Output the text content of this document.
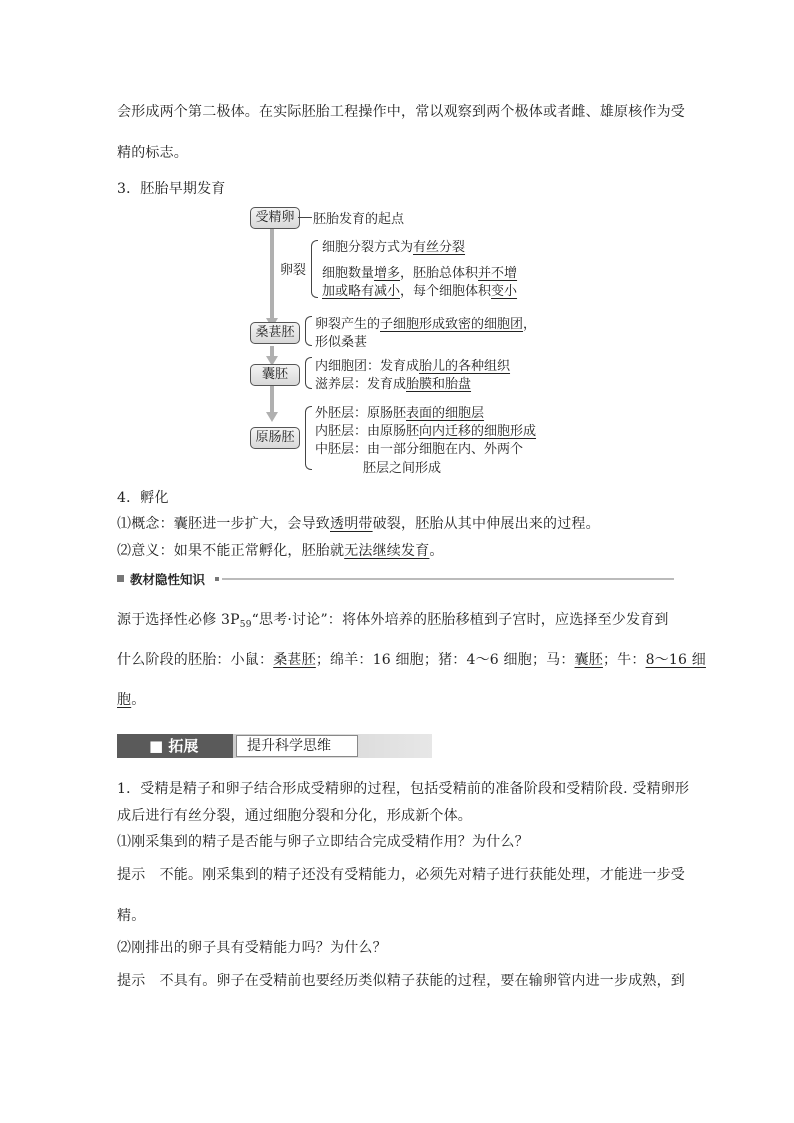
会形成两个第二极体。在实际胚胎工程操作中，常以观察到两个极体或者雌、雄原核作为受
精的标志。
3．胚胎早期发育
受精卵	胚胎发育的起点
卵裂
细胞分裂方式为有丝分裂
细胞数量增多，胚胎总体积并不增
加或略有减小，每个细胞体积变小
桑葚胚
卵裂产生的子细胞形成致密的细胞团，
形似桑葚
囊胚
内细胞团：发育成胎儿的各种组织
滋养层：发育成胎膜和胎盘
原肠胚
外胚层：原肠胚表面的细胞层
内胚层：由原肠胚向内迁移的细胞形成
中胚层：由一部分细胞在内、外两个
胚层之间形成
4．孵化
⑴概念：囊胚进一步扩大，会导致透明带破裂，胚胎从其中伸展出来的过程。
⑵意义：如果不能正常孵化，胚胎就无法继续发育。
教材隐性知识
源于选择性必修 $3P_{59}“$思考·讨论”：将体外培养的胚胎移植到子宫时，应选择至少发育到
什么阶段的胚胎：小鼠：桑葚胚；绵羊：16 细胞；猪：4～6 细胞；马：囊胚；牛：8～16 细
胞。
■ 拓展	提升科学思维
1．受精是精子和卵子结合形成受精卵的过程，包括受精前的准备阶段和受精阶段. 受精卵形
成后进行有丝分裂，通过细胞分裂和分化，形成新个体。
⑴刚采集到的精子是否能与卵子立即结合完成受精作用？为什么？
提示　不能。刚采集到的精子还没有受精能力，必须先对精子进行获能处理，才能进一步受
精。
⑵刚排出的卵子具有受精能力吗？为什么？
提示　不具有。卵子在受精前也要经历类似精子获能的过程，要在输卵管内进一步成熟，到
